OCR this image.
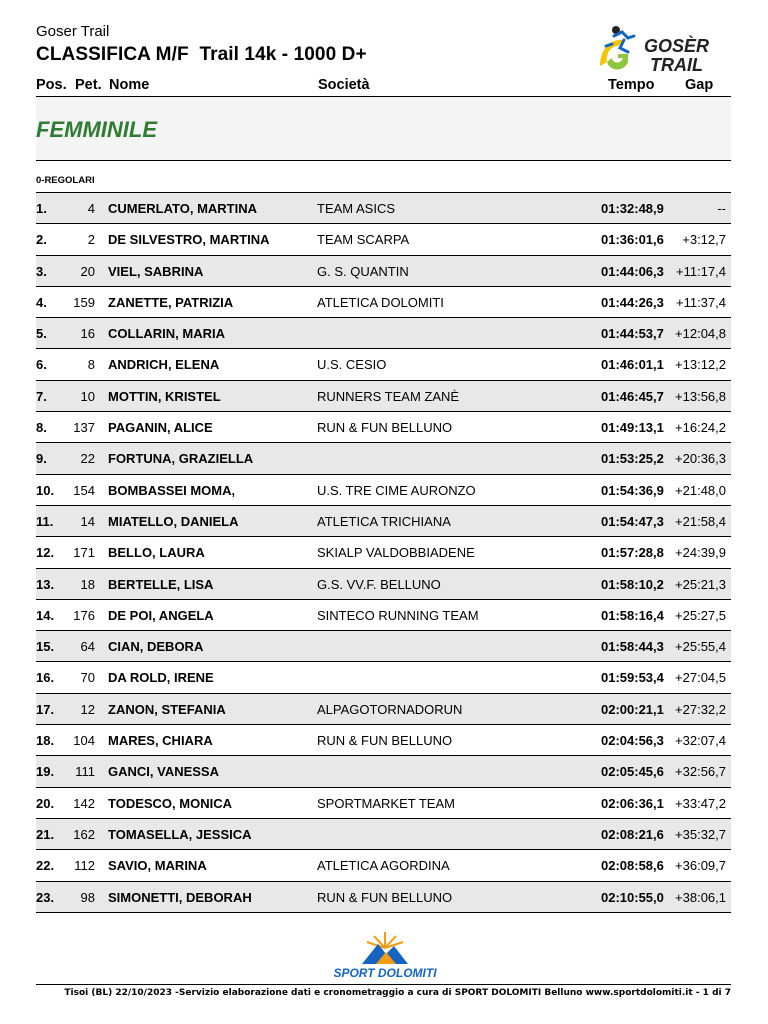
Goser Trail
CLASSIFICA M/F  Trail 14k - 1000 D+	GOSÈR
TRAIL
Pos. Pet. Nome	Società	Tempo Gap
FEMMINILE
0-REGOLARI
1.	4 CUMERLATO, MARTINA	TEAM ASICS	01:32:48,9	--
2.	2 DE SILVESTRO, MARTINA	TEAM SCARPA	01:36:01,6 +3:12,7
3.	20 VIEL, SABRINA	G. S. QUANTIN	01:44:06,3 +11:17,4
4. 159 ZANETTE, PATRIZIA	ATLETICA DOLOMITI	01:44:26,3 +11:37,4
5.	16 COLLARIN, MARIA	01:44:53,7 +12:04,8
6.	8 ANDRICH, ELENA	U.S. CESIO	01:46:01,1 +13:12,2
7.	10 MOTTIN, KRISTEL	RUNNERS TEAM ZANÈ	01:46:45,7 +13:56,8
8. 137 PAGANIN, ALICE	RUN & FUN BELLUNO	01:49:13,1 +16:24,2
9.	22 FORTUNA, GRAZIELLA	01:53:25,2 +20:36,3
10. 154 BOMBASSEI MOMA,	U.S. TRE CIME AURONZO	01:54:36,9 +21:48,0
11. 14 MIATELLO, DANIELA	ATLETICA TRICHIANA	01:54:47,3 +21:58,4
12. 171 BELLO, LAURA	SKIALP VALDOBBIADENE	01:57:28,8 +24:39,9
13. 18 BERTELLE, LISA	G.S. VV.F. BELLUNO	01:58:10,2 +25:21,3
14. 176 DE POI, ANGELA	SINTECO RUNNING TEAM	01:58:16,4 +25:27,5
15. 64 CIAN, DEBORA	01:58:44,3 +25:55,4
16. 70 DA ROLD, IRENE	01:59:53,4 +27:04,5
17. 12 ZANON, STEFANIA	ALPAGOTORNADORUN	02:00:21,1 +27:32,2
18. 104 MARES, CHIARA	RUN & FUN BELLUNO	02:04:56,3 +32:07,4
19. 111 GANCI, VANESSA	02:05:45,6 +32:56,7
20. 142 TODESCO, MONICA	SPORTMARKET TEAM	02:06:36,1 +33:47,2
21. 162 TOMASELLA, JESSICA	02:08:21,6 +35:32,7
22. 112 SAVIO, MARINA	ATLETICA AGORDINA	02:08:58,6 +36:09,7
23. 98 SIMONETTI, DEBORAH	RUN & FUN BELLUNO	02:10:55,0 +38:06,1
SPORT DOLOMITI
Tisoi (BL) 22/10/2023 -Servizio elaborazione dati e cronometraggio a cura di SPORT DOLOMITI Belluno www.sportdolomiti.it - 1 di 7
